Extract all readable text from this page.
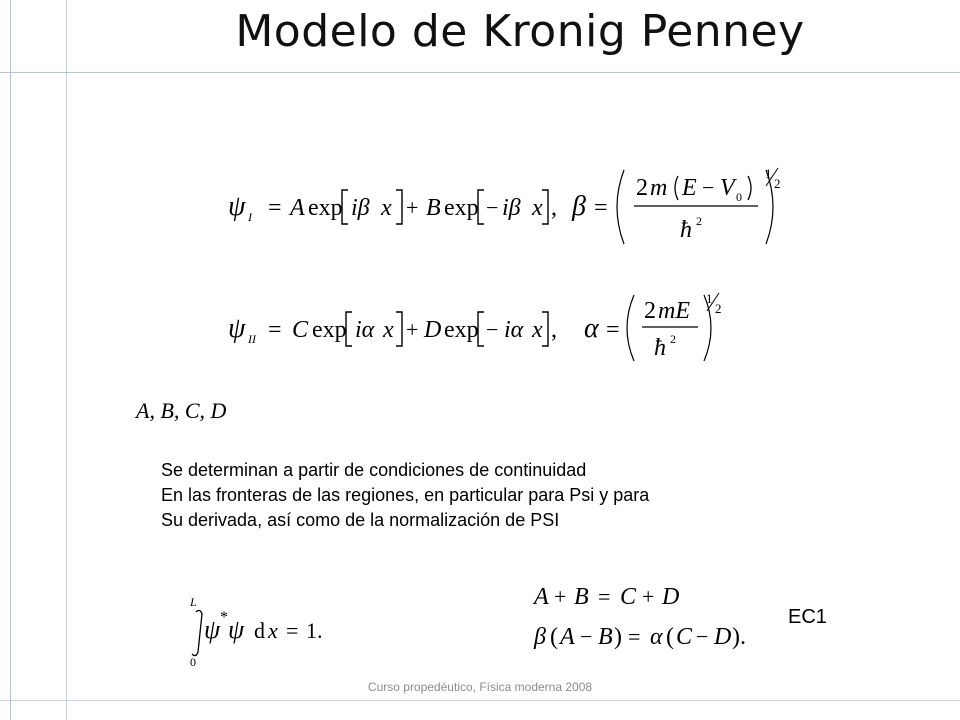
Modelo de Kronig Penney
ψ I = A exp iβ x + B exp − iβ x , β =
2 m E − V 0
ħ 2
1
2
ψ II = C exp iα x + D exp − iα x , α =
2 mE
ħ 2
1
2
A, B, C, D
Se determinan a partir de condiciones de continuidad
En las fronteras de las regiones, en particular para Psi y para
Su derivada, así como de la normalización de PSI
L
0
ψ * ψ d x = 1.
A + B = C + D
β ( A − B ) = α ( C − D ).
EC1
Curso propedéutico, Física moderna 2008
